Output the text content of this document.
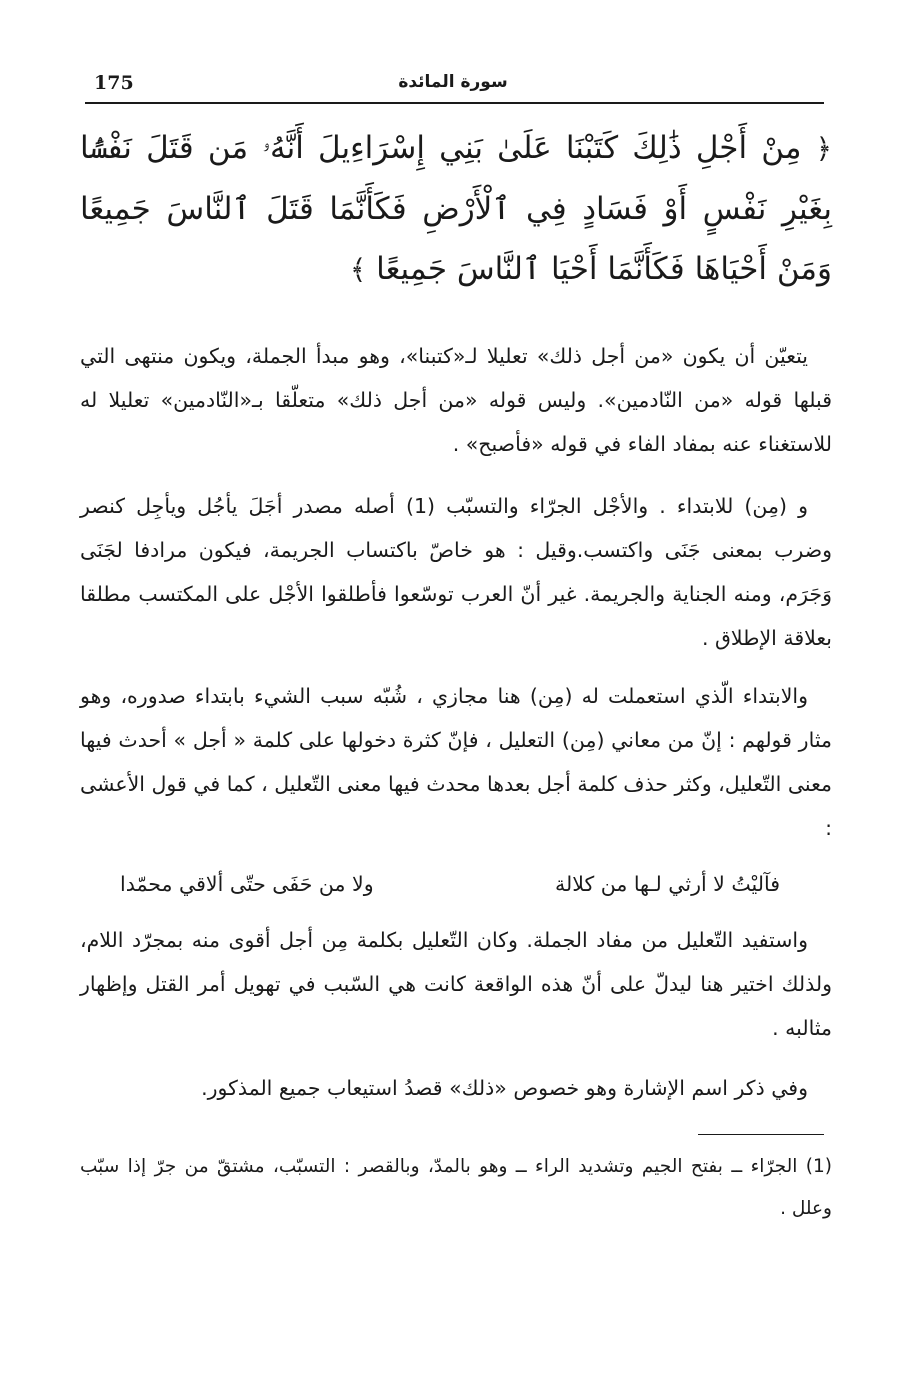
175	سورة المائدة
﴿ مِنْ أَجْلِ ذَٰلِكَ كَتَبْنَا عَلَىٰ بَنِي إِسْرَاءِيلَ أَنَّهُۥ مَن قَتَلَ نَفْسًۢا بِغَيْرِ نَفْسٍ أَوْ فَسَادٍ فِي ٱلْأَرْضِ فَكَأَنَّمَا قَتَلَ ٱلنَّاسَ جَمِيعًا وَمَنْ أَحْيَاهَا فَكَأَنَّمَا أَحْيَا ٱلنَّاسَ جَمِيعًا ﴾

يتعيّن أن يكون «من أجل ذلك» تعليلا لـ«كتبنا»، وهو مبدأ الجملة، ويكون منتهى التي قبلها قوله «من النّادمين». وليس قوله «من أجل ذلك» متعلّقا بـ«النّادمين» تعليلا له للاستغناء عنه بمفاد الفاء في قوله «فأصبح» .

و (مِن) للابتداء . والأجْل الجرّاء والتسبّب (1) أصله مصدر أجَلَ يأجُل ويأجِل كنصر وضرب بمعنى جَنَى واكتسب.وقيل : هو خاصّ باكتساب الجريمة، فيكون مرادفا لجَنَى وَجَرَم، ومنه الجناية والجريمة. غير أنّ العرب توسّعوا فأطلقوا الأجْل على المكتسب مطلقا بعلاقة الإطلاق .

والابتداء الّذي استعملت له (مِن) هنا مجازي ، شُبّه سبب الشيء بابتداء صدوره، وهو مثار قولهم : إنّ من معاني (مِن) التعليل ، فإنّ كثرة دخولها على كلمة « أجل » أحدث فيها معنى التّعليل، وكثر حذف كلمة أجل بعدها محدث فيها معنى التّعليل ، كما في قول الأعشى :

فآليْتُ لا أرثي لـها من كلالة
ولا من حَفَى حتّى ألاقي محمّدا

واستفيد التّعليل من مفاد الجملة. وكان التّعليل بكلمة مِن أجل أقوى منه بمجرّد اللام، ولذلك اختير هنا ليدلّ على أنّ هذه الواقعة كانت هي السّبب في تهويل أمر القتل وإظهار مثالبه .

وفي ذكر اسم الإشارة وهو خصوص «ذلك» قصدُ استيعاب جميع المذكور.

(1) الجرّاء ــ بفتح الجيم وتشديد الراء ــ وهو بالمدّ، وبالقصر : التسبّب، مشتقّ من جرّ إذا سبّب وعلل .
